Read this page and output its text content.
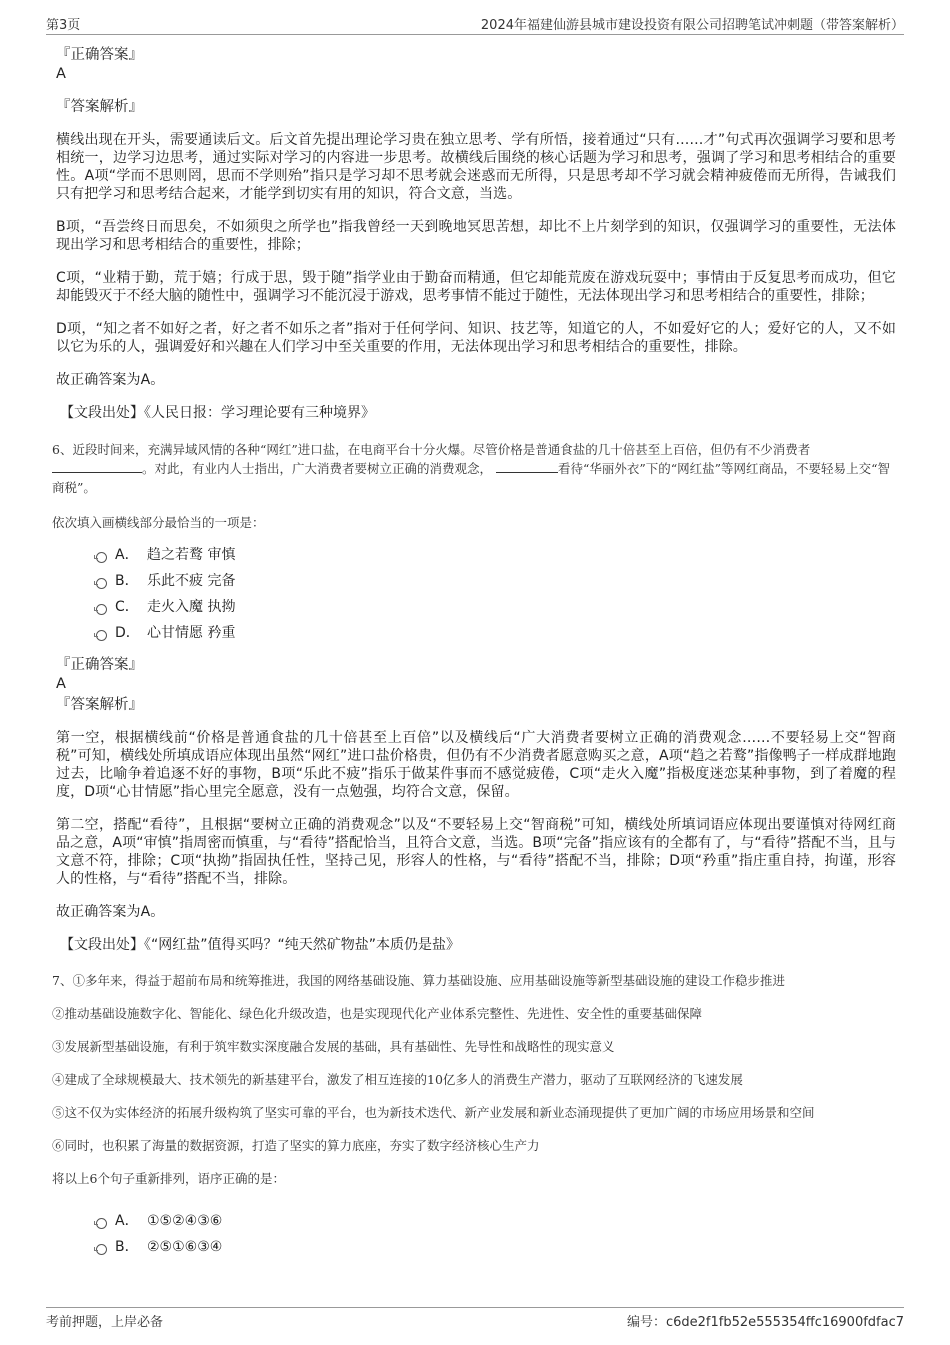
第3页	2024年福建仙游县城市建设投资有限公司招聘笔试冲刺题（带答案解析）

『正确答案』

A

『答案解析』

横线出现在开头，需要通读后文。后文首先提出理论学习贵在独立思考、学有所悟，接着通过“只有……才”句式再次强调学习要和思考相统一，边学习边思考，通过实际对学习的内容进一步思考。故横线后围绕的核心话题为学习和思考，强调了学习和思考相结合的重要性。A项“学而不思则罔，思而不学则殆”指只是学习却不思考就会迷惑而无所得，只是思考却不学习就会精神疲倦而无所得，告诫我们只有把学习和思考结合起来，才能学到切实有用的知识，符合文意，当选。

B项，“吾尝终日而思矣，不如须臾之所学也”指我曾经一天到晚地冥思苦想，却比不上片刻学到的知识，仅强调学习的重要性，无法体现出学习和思考相结合的重要性，排除；

C项，“业精于勤，荒于嬉；行成于思，毁于随”指学业由于勤奋而精通，但它却能荒废在游戏玩耍中；事情由于反复思考而成功，但它却能毁灭于不经大脑的随性中，强调学习不能沉浸于游戏，思考事情不能过于随性，无法体现出学习和思考相结合的重要性，排除；

D项，“知之者不如好之者，好之者不如乐之者”指对于任何学问、知识、技艺等，知道它的人，不如爱好它的人；爱好它的人，又不如以它为乐的人，强调爱好和兴趣在人们学习中至关重要的作用，无法体现出学习和思考相结合的重要性，排除。

故正确答案为A。

【文段出处】《人民日报：学习理论要有三种境界》

6、近段时间来，充满异域风情的各种“网红”进口盐，在电商平台十分火爆。尽管价格是普通食盐的几十倍甚至上百倍，但仍有不少消费者
。对此，有业内人士指出，广大消费者要树立正确的消费观念，	看待“华丽外衣”下的“网红盐”等网红商品，不要轻易上交“智商税”。

依次填入画横线部分最恰当的一项是：

A． 趋之若鹜 审慎
B． 乐此不疲 完备
C． 走火入魔 执拗
D． 心甘情愿 矜重

『正确答案』

A

『答案解析』

第一空，根据横线前“价格是普通食盐的几十倍甚至上百倍”以及横线后“广大消费者要树立正确的消费观念……不要轻易上交“智商税”可知，横线处所填成语应体现出虽然“网红”进口盐价格贵，但仍有不少消费者愿意购买之意，A项“趋之若鹜”指像鸭子一样成群地跑过去，比喻争着追逐不好的事物，B项“乐此不疲”指乐于做某件事而不感觉疲倦，C项“走火入魔”指极度迷恋某种事物，到了着魔的程度，D项“心甘情愿”指心里完全愿意，没有一点勉强，均符合文意，保留。

第二空，搭配“看待”，且根据“要树立正确的消费观念”以及“不要轻易上交“智商税”可知，横线处所填词语应体现出要谨慎对待网红商品之意，A项“审慎”指周密而慎重，与“看待”搭配恰当，且符合文意，当选。B项“完备”指应该有的全都有了，与“看待”搭配不当，且与文意不符，排除；C项“执拗”指固执任性，坚持己见，形容人的性格，与“看待”搭配不当，排除；D项“矜重”指庄重自持，拘谨，形容人的性格，与“看待”搭配不当，排除。

故正确答案为A。

【文段出处】《“网红盐”值得买吗？“纯天然矿物盐”本质仍是盐》

7、①多年来，得益于超前布局和统筹推进，我国的网络基础设施、算力基础设施、应用基础设施等新型基础设施的建设工作稳步推进

②推动基础设施数字化、智能化、绿色化升级改造，也是实现现代化产业体系完整性、先进性、安全性的重要基础保障

③发展新型基础设施，有利于筑牢数实深度融合发展的基础，具有基础性、先导性和战略性的现实意义

④建成了全球规模最大、技术领先的新基建平台，激发了相互连接的10亿多人的消费生产潜力，驱动了互联网经济的飞速发展

⑤这不仅为实体经济的拓展升级构筑了坚实可靠的平台，也为新技术迭代、新产业发展和新业态涌现提供了更加广阔的市场应用场景和空间

⑥同时，也积累了海量的数据资源，打造了坚实的算力底座，夯实了数字经济核心生产力

将以上6个句子重新排列，语序正确的是：

A． ①⑤②④③⑥
B． ②⑤①⑥③④
考前押题，上岸必备	编号：c6de2f1fb52e555354ffc16900fdfac7
